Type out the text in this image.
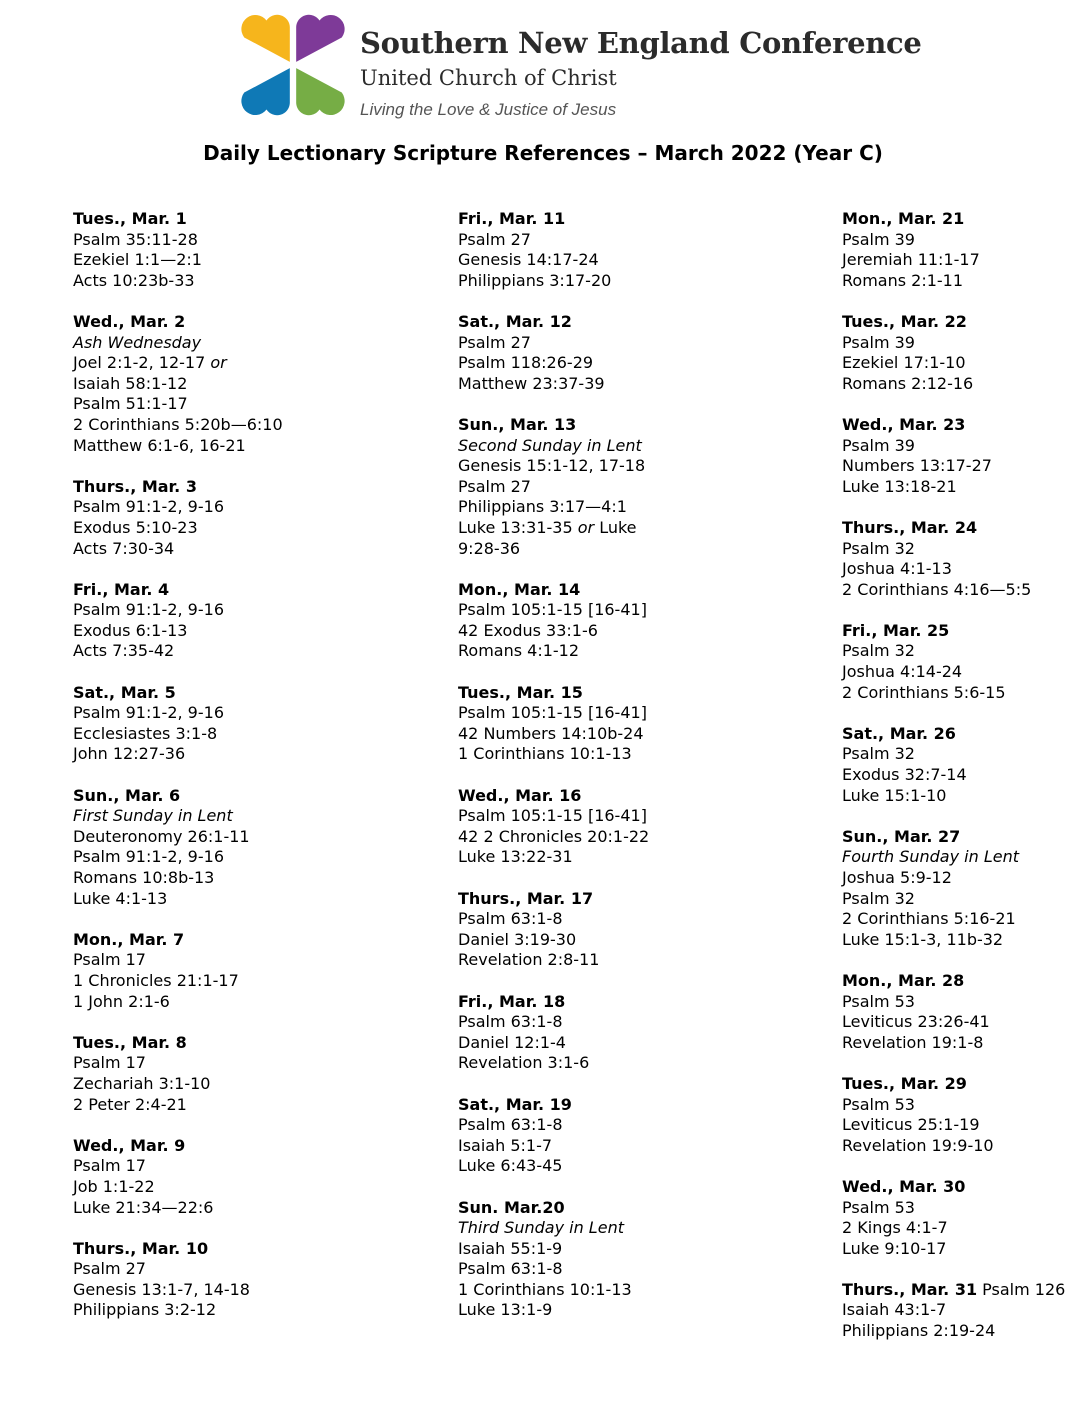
Southern New England Conference
United Church of Christ
Living the Love & Justice of Jesus
Daily Lectionary Scripture References – March 2022 (Year C)
Tues., Mar. 1
Psalm 35:11-28
Ezekiel 1:1—2:1
Acts 10:23b-33
Wed., Mar. 2
Ash Wednesday
Joel 2:1-2, 12-17 or
Isaiah 58:1-12
Psalm 51:1-17
2 Corinthians 5:20b—6:10
Matthew 6:1-6, 16-21
Thurs., Mar. 3
Psalm 91:1-2, 9-16
Exodus 5:10-23
Acts 7:30-34
Fri., Mar. 4
Psalm 91:1-2, 9-16
Exodus 6:1-13
Acts 7:35-42
Sat., Mar. 5
Psalm 91:1-2, 9-16
Ecclesiastes 3:1-8
John 12:27-36
Sun., Mar. 6
First Sunday in Lent
Deuteronomy 26:1-11
Psalm 91:1-2, 9-16
Romans 10:8b-13
Luke 4:1-13
Mon., Mar. 7
Psalm 17
1 Chronicles 21:1-17
1 John 2:1-6
Tues., Mar. 8
Psalm 17
Zechariah 3:1-10
2 Peter 2:4-21
Wed., Mar. 9
Psalm 17
Job 1:1-22
Luke 21:34—22:6
Thurs., Mar. 10
Psalm 27
Genesis 13:1-7, 14-18
Philippians 3:2-12
Fri., Mar. 11
Psalm 27
Genesis 14:17-24
Philippians 3:17-20
Sat., Mar. 12
Psalm 27
Psalm 118:26-29
Matthew 23:37-39
Sun., Mar. 13
Second Sunday in Lent
Genesis 15:1-12, 17-18
Psalm 27
Philippians 3:17—4:1
Luke 13:31-35 or Luke
9:28-36
Mon., Mar. 14
Psalm 105:1-15 [16-41]
42 Exodus 33:1-6
Romans 4:1-12
Tues., Mar. 15
Psalm 105:1-15 [16-41]
42 Numbers 14:10b-24
1 Corinthians 10:1-13
Wed., Mar. 16
Psalm 105:1-15 [16-41]
42 2 Chronicles 20:1-22
Luke 13:22-31
Thurs., Mar. 17
Psalm 63:1-8
Daniel 3:19-30
Revelation 2:8-11
Fri., Mar. 18
Psalm 63:1-8
Daniel 12:1-4
Revelation 3:1-6
Sat., Mar. 19
Psalm 63:1-8
Isaiah 5:1-7
Luke 6:43-45
Sun. Mar.20
Third Sunday in Lent
Isaiah 55:1-9
Psalm 63:1-8
1 Corinthians 10:1-13
Luke 13:1-9
Mon., Mar. 21
Psalm 39
Jeremiah 11:1-17
Romans 2:1-11
Tues., Mar. 22
Psalm 39
Ezekiel 17:1-10
Romans 2:12-16
Wed., Mar. 23
Psalm 39
Numbers 13:17-27
Luke 13:18-21
Thurs., Mar. 24
Psalm 32
Joshua 4:1-13
2 Corinthians 4:16—5:5
Fri., Mar. 25
Psalm 32
Joshua 4:14-24
2 Corinthians 5:6-15
Sat., Mar. 26
Psalm 32
Exodus 32:7-14
Luke 15:1-10
Sun., Mar. 27
Fourth Sunday in Lent
Joshua 5:9-12
Psalm 32
2 Corinthians 5:16-21
Luke 15:1-3, 11b-32
Mon., Mar. 28
Psalm 53
Leviticus 23:26-41
Revelation 19:1-8
Tues., Mar. 29
Psalm 53
Leviticus 25:1-19
Revelation 19:9-10
Wed., Mar. 30
Psalm 53
2 Kings 4:1-7
Luke 9:10-17
Thurs., Mar. 31 Psalm 126
Isaiah 43:1-7
Philippians 2:19-24
